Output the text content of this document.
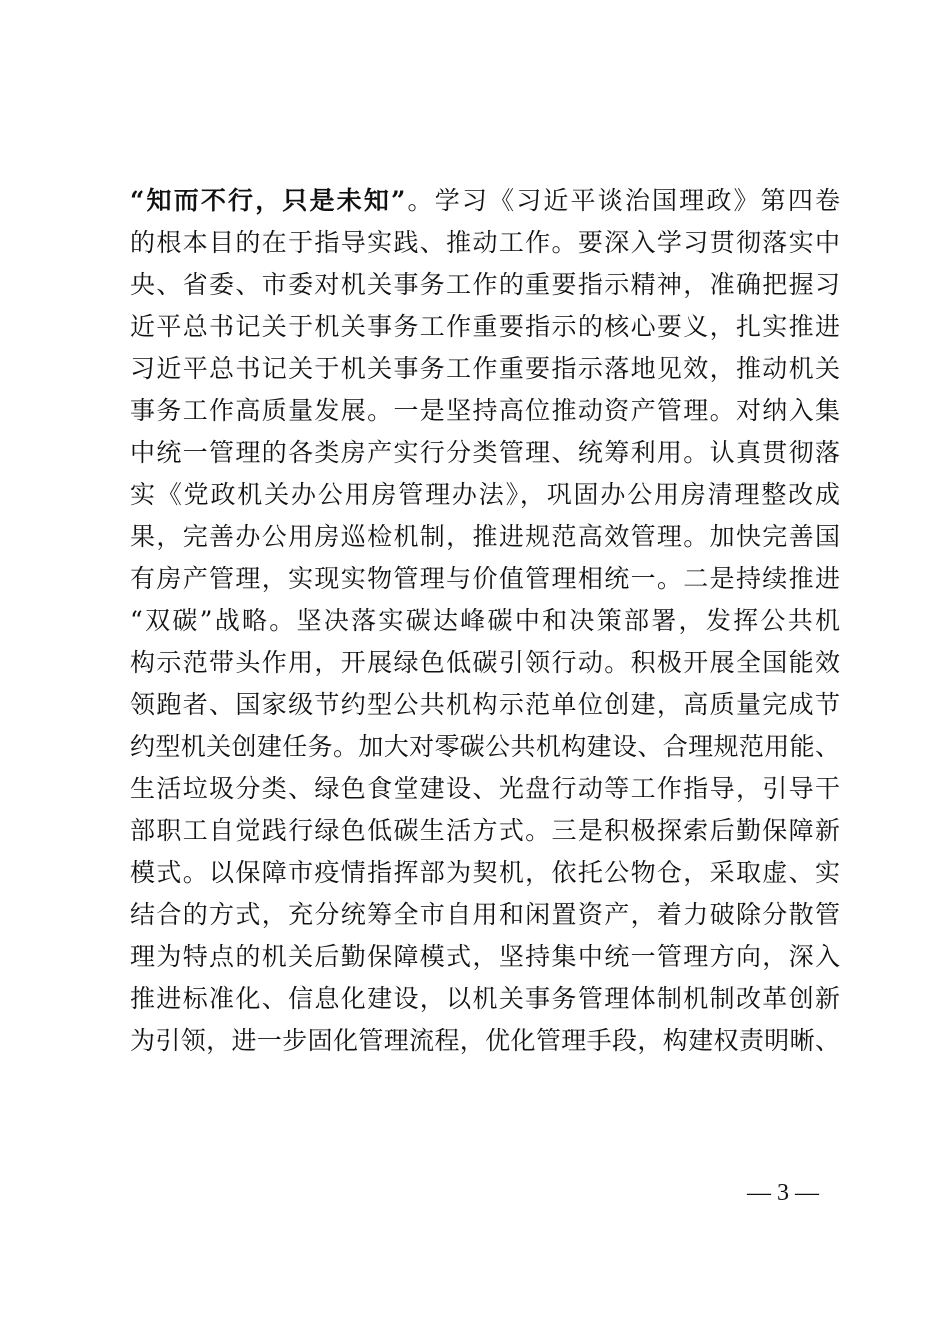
“知而不行，只是未知”。学习《习近平谈治国理政》第四卷
的根本目的在于指导实践、推动工作。要深入学习贯彻落实中
央、省委、市委对机关事务工作的重要指示精神，准确把握习
近平总书记关于机关事务工作重要指示的核心要义，扎实推进
习近平总书记关于机关事务工作重要指示落地见效，推动机关
事务工作高质量发展。一是坚持高位推动资产管理。对纳入集
中统一管理的各类房产实行分类管理、统筹利用。认真贯彻落
实《党政机关办公用房管理办法》，巩固办公用房清理整改成
果，完善办公用房巡检机制，推进规范高效管理。加快完善国
有房产管理，实现实物管理与价值管理相统一。二是持续推进
“双碳”战略。坚决落实碳达峰碳中和决策部署，发挥公共机
构示范带头作用，开展绿色低碳引领行动。积极开展全国能效
领跑者、国家级节约型公共机构示范单位创建，高质量完成节
约型机关创建任务。加大对零碳公共机构建设、合理规范用能、
生活垃圾分类、绿色食堂建设、光盘行动等工作指导，引导干
部职工自觉践行绿色低碳生活方式。三是积极探索后勤保障新
模式。以保障市疫情指挥部为契机，依托公物仓，采取虚、实
结合的方式，充分统筹全市自用和闲置资产，着力破除分散管
理为特点的机关后勤保障模式，坚持集中统一管理方向，深入
推进标准化、信息化建设，以机关事务管理体制机制改革创新
为引领，进一步固化管理流程，优化管理手段，构建权责明晰、
— 3 —
